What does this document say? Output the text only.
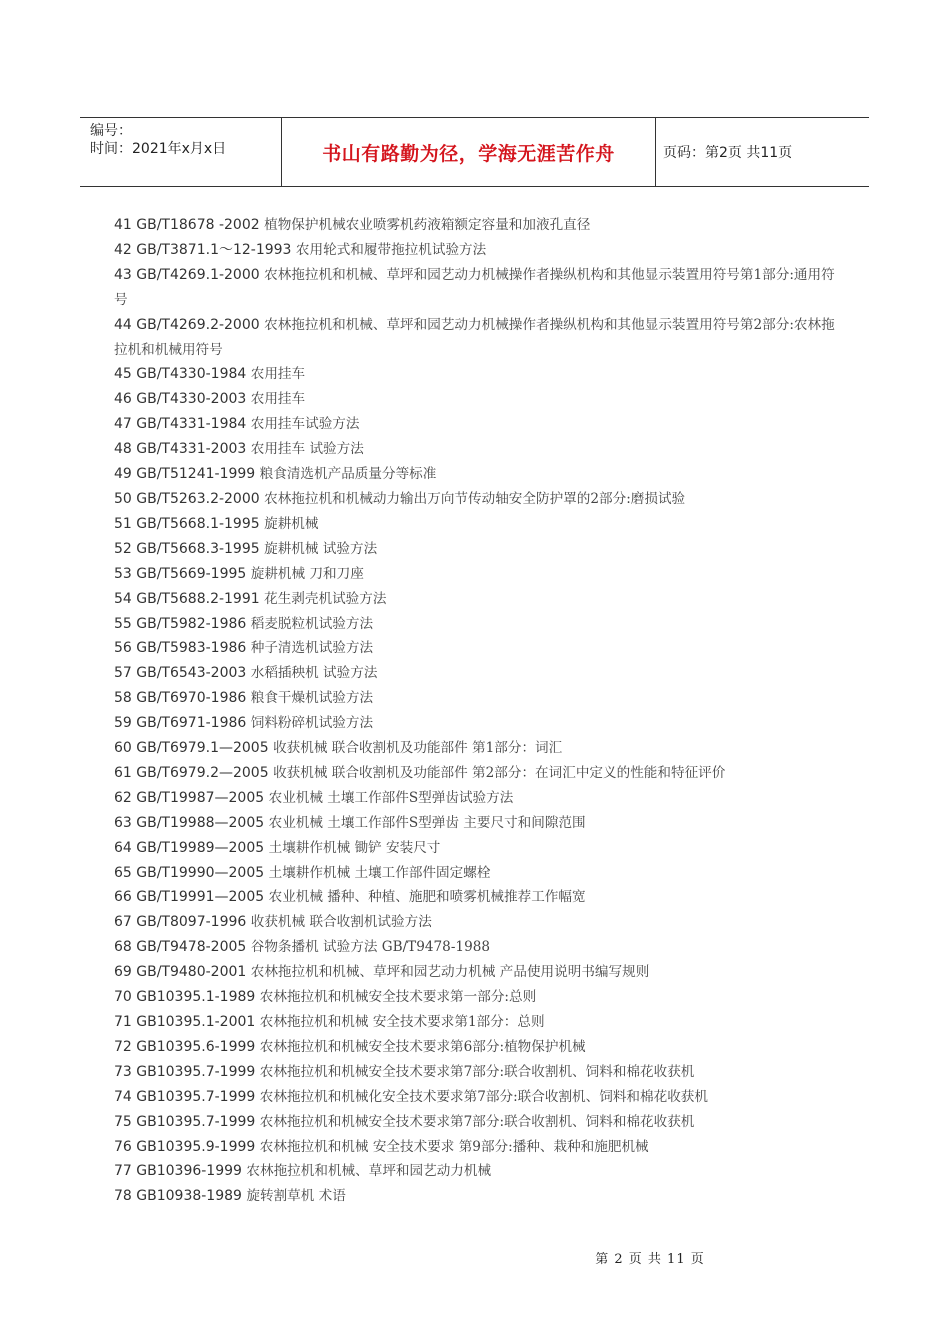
编号：
时间：2021年x月x日	书山有路勤为径，学海无涯苦作舟	页码：第2页 共11页
41 GB/T18678 -2002 植物保护机械农业喷雾机药液箱额定容量和加液孔直径
42 GB/T3871.1～12-1993 农用轮式和履带拖拉机试验方法
43 GB/T4269.1-2000 农林拖拉机和机械、草坪和园艺动力机械操作者操纵机构和其他显示装置用符号第1部分:通用符号
44 GB/T4269.2-2000 农林拖拉机和机械、草坪和园艺动力机械操作者操纵机构和其他显示装置用符号第2部分:农林拖拉机和机械用符号
45 GB/T4330-1984 农用挂车
46 GB/T4330-2003 农用挂车
47 GB/T4331-1984 农用挂车试验方法
48 GB/T4331-2003 农用挂车 试验方法
49 GB/T51241-1999 粮食清选机产品质量分等标准
50 GB/T5263.2-2000 农林拖拉机和机械动力输出万向节传动轴安全防护罩的2部分:磨损试验
51 GB/T5668.1-1995 旋耕机械
52 GB/T5668.3-1995 旋耕机械 试验方法
53 GB/T5669-1995 旋耕机械 刀和刀座
54 GB/T5688.2-1991 花生剥壳机试验方法
55 GB/T5982-1986 稻麦脱粒机试验方法
56 GB/T5983-1986 种子清选机试验方法
57 GB/T6543-2003 水稻插秧机 试验方法
58 GB/T6970-1986 粮食干燥机试验方法
59 GB/T6971-1986 饲料粉碎机试验方法
60 GB/T6979.1—2005 收获机械 联合收割机及功能部件 第1部分：词汇
61 GB/T6979.2—2005 收获机械 联合收割机及功能部件 第2部分：在词汇中定义的性能和特征评价
62 GB/T19987—2005 农业机械 土壤工作部件S型弹齿试验方法
63 GB/T19988—2005 农业机械 土壤工作部件S型弹齿 主要尺寸和间隙范围
64 GB/T19989—2005 土壤耕作机械 锄铲 安装尺寸
65 GB/T19990—2005 土壤耕作机械 土壤工作部件固定螺栓
66 GB/T19991—2005 农业机械 播种、种植、施肥和喷雾机械推荐工作幅宽
67 GB/T8097-1996 收获机械 联合收割机试验方法
68 GB/T9478-2005 谷物条播机 试验方法 GB/T9478-1988
69 GB/T9480-2001 农林拖拉机和机械、草坪和园艺动力机械 产品使用说明书编写规则
70 GB10395.1-1989 农林拖拉机和机械安全技术要求第一部分:总则
71 GB10395.1-2001 农林拖拉机和机械 安全技术要求第1部分：总则
72 GB10395.6-1999 农林拖拉机和机械安全技术要求第6部分:植物保护机械
73 GB10395.7-1999 农林拖拉机和机械安全技术要求第7部分:联合收割机、饲料和棉花收获机
74 GB10395.7-1999 农林拖拉机和机械化安全技术要求第7部分:联合收割机、饲料和棉花收获机
75 GB10395.7-1999 农林拖拉机和机械安全技术要求第7部分:联合收割机、饲料和棉花收获机
76 GB10395.9-1999 农林拖拉机和机械 安全技术要求 第9部分:播种、栽种和施肥机械
77 GB10396-1999 农林拖拉机和机械、草坪和园艺动力机械
78 GB10938-1989 旋转割草机 术语
第 2 页 共 11 页
